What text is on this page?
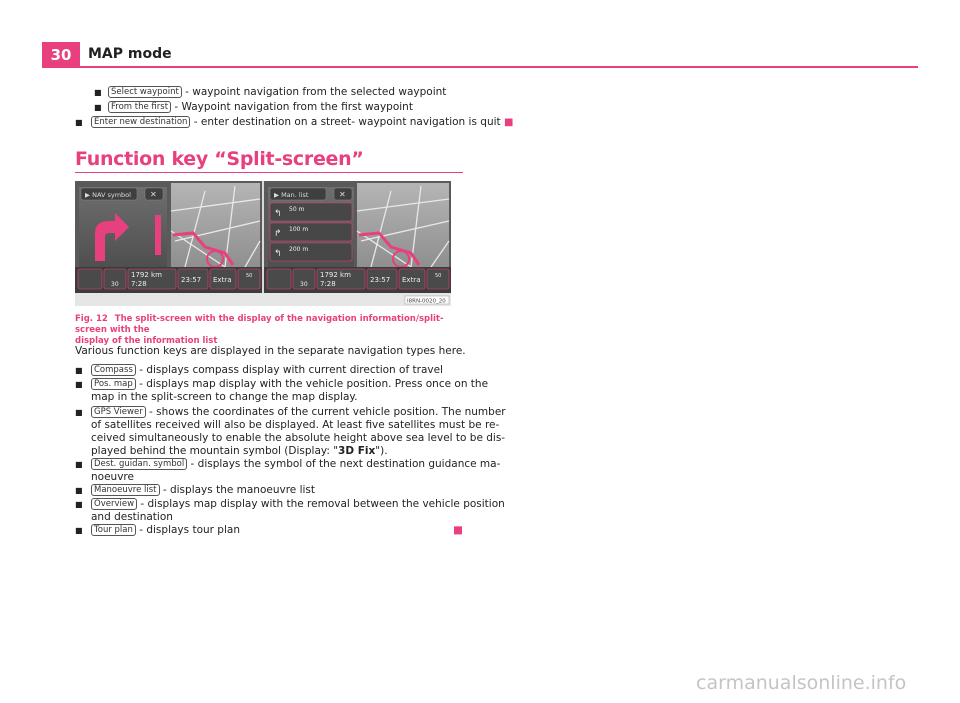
30	MAP mode
■	Select waypoint - waypoint navigation from the selected waypoint
■	From the first - Waypoint navigation from the first waypoint
■	Enter new destination - enter destination on a street- waypoint navigation is quit ■
Function key “Split-screen”
▶ NAV symbol ✕
30
1792 km
7:28	23:57 Extra	50
▶ Man. list	✕
↰ 50 m
↱ 100 m
↰ 200 m
30
1792 km
7:28	23:57 Extra	50
I8RN-0020_20
Fig. 12 The split-screen with the display of the navigation information/split-screen with the
display of the information list
Various function keys are displayed in the separate navigation types here.
■	Compass - displays compass display with current direction of travel
■	Pos. map - displays map display with the vehicle position. Press once on the
map in the split-screen to change the map display.
■	GPS Viewer - shows the coordinates of the current vehicle position. The number
of satellites received will also be displayed. At least five satellites must be re-
ceived simultaneously to enable the absolute height above sea level to be dis-
played behind the mountain symbol (Display: "3D Fix").
■	Dest. guidan. symbol - displays the symbol of the next destination guidance ma-
noeuvre
■	Manoeuvre list - displays the manoeuvre list
■	Overview - displays map display with the removal between the vehicle position
and destination
■	Tour plan - displays tour plan	■
carmanualsonline.info
